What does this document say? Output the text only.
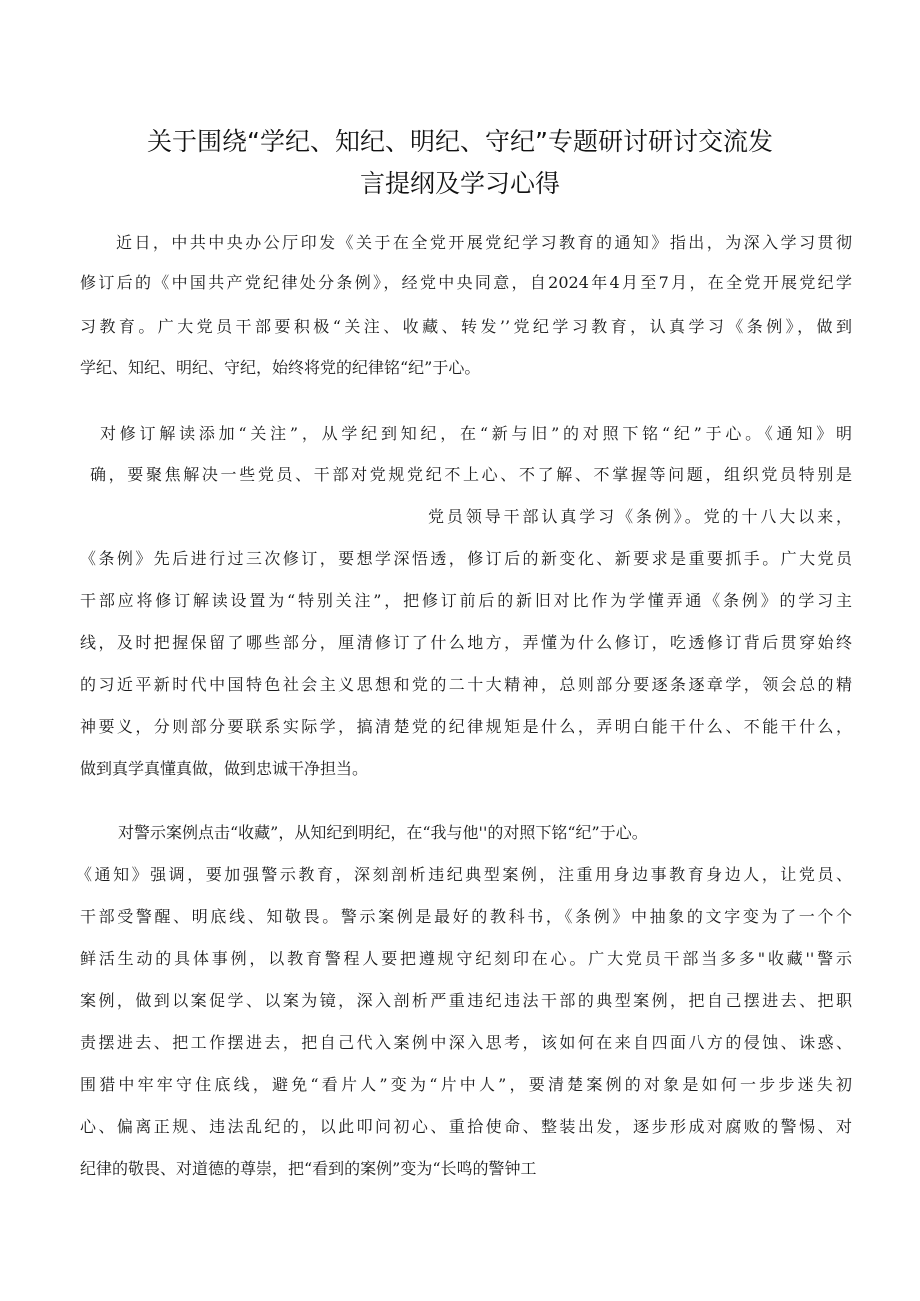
关于围绕“学纪、知纪、明纪、守纪”专题研讨研讨交流发
言提纲及学习心得

近日，中共中央办公厅印发《关于在全党开展党纪学习教育的通知》指出，为深入学习贯彻

修订后的《中国共产党纪律处分条例》，经党中央同意，自2024年4月至7月，在全党开展党纪学

习教育。广大党员干部要积极“关注、收藏、转发’’党纪学习教育，认真学习《条例》，做到

学纪、知纪、明纪、守纪，始终将党的纪律铭“纪”于心。

对修订解读添加“关注”，从学纪到知纪，在“新与旧”的对照下铭“纪”于心。《通知》明

确，要聚焦解决一些党员、干部对党规党纪不上心、不了解、不掌握等问题，组织党员特别是

党员领导干部认真学习《条例》。党的十八大以来，

《条例》先后进行过三次修订，要想学深悟透，修订后的新变化、新要求是重要抓手。广大党员

干部应将修订解读设置为“特别关注”，把修订前后的新旧对比作为学懂弄通《条例》的学习主

线，及时把握保留了哪些部分，厘清修订了什么地方，弄懂为什么修订，吃透修订背后贯穿始终

的习近平新时代中国特色社会主义思想和党的二十大精神，总则部分要逐条逐章学，领会总的精

神要义，分则部分要联系实际学，搞清楚党的纪律规矩是什么，弄明白能干什么、不能干什么，

做到真学真懂真做，做到忠诚干净担当。

对警示案例点击“收藏”，从知纪到明纪，在“我与他''的对照下铭“纪”于心。

《通知》强调，要加强警示教育，深刻剖析违纪典型案例，注重用身边事教育身边人，让党员、

干部受警醒、明底线、知敬畏。警示案例是最好的教科书，《条例》中抽象的文字变为了一个个

鲜活生动的具体事例，以教育警程人要把遵规守纪刻印在心。广大党员干部当多多"收藏''警示

案例，做到以案促学、以案为镜，深入剖析严重违纪违法干部的典型案例，把自己摆进去、把职

责摆进去、把工作摆进去，把自己代入案例中深入思考，该如何在来自四面八方的侵蚀、诛惑、

围猎中牢牢守住底线，避免“看片人”变为“片中人”，要清楚案例的对象是如何一步步迷失初

心、偏离正规、违法乱纪的，以此叩问初心、重拾使命、整装出发，逐步形成对腐败的警惕、对

纪律的敬畏、对道德的尊崇，把“看到的案例”变为“长鸣的警钟工
